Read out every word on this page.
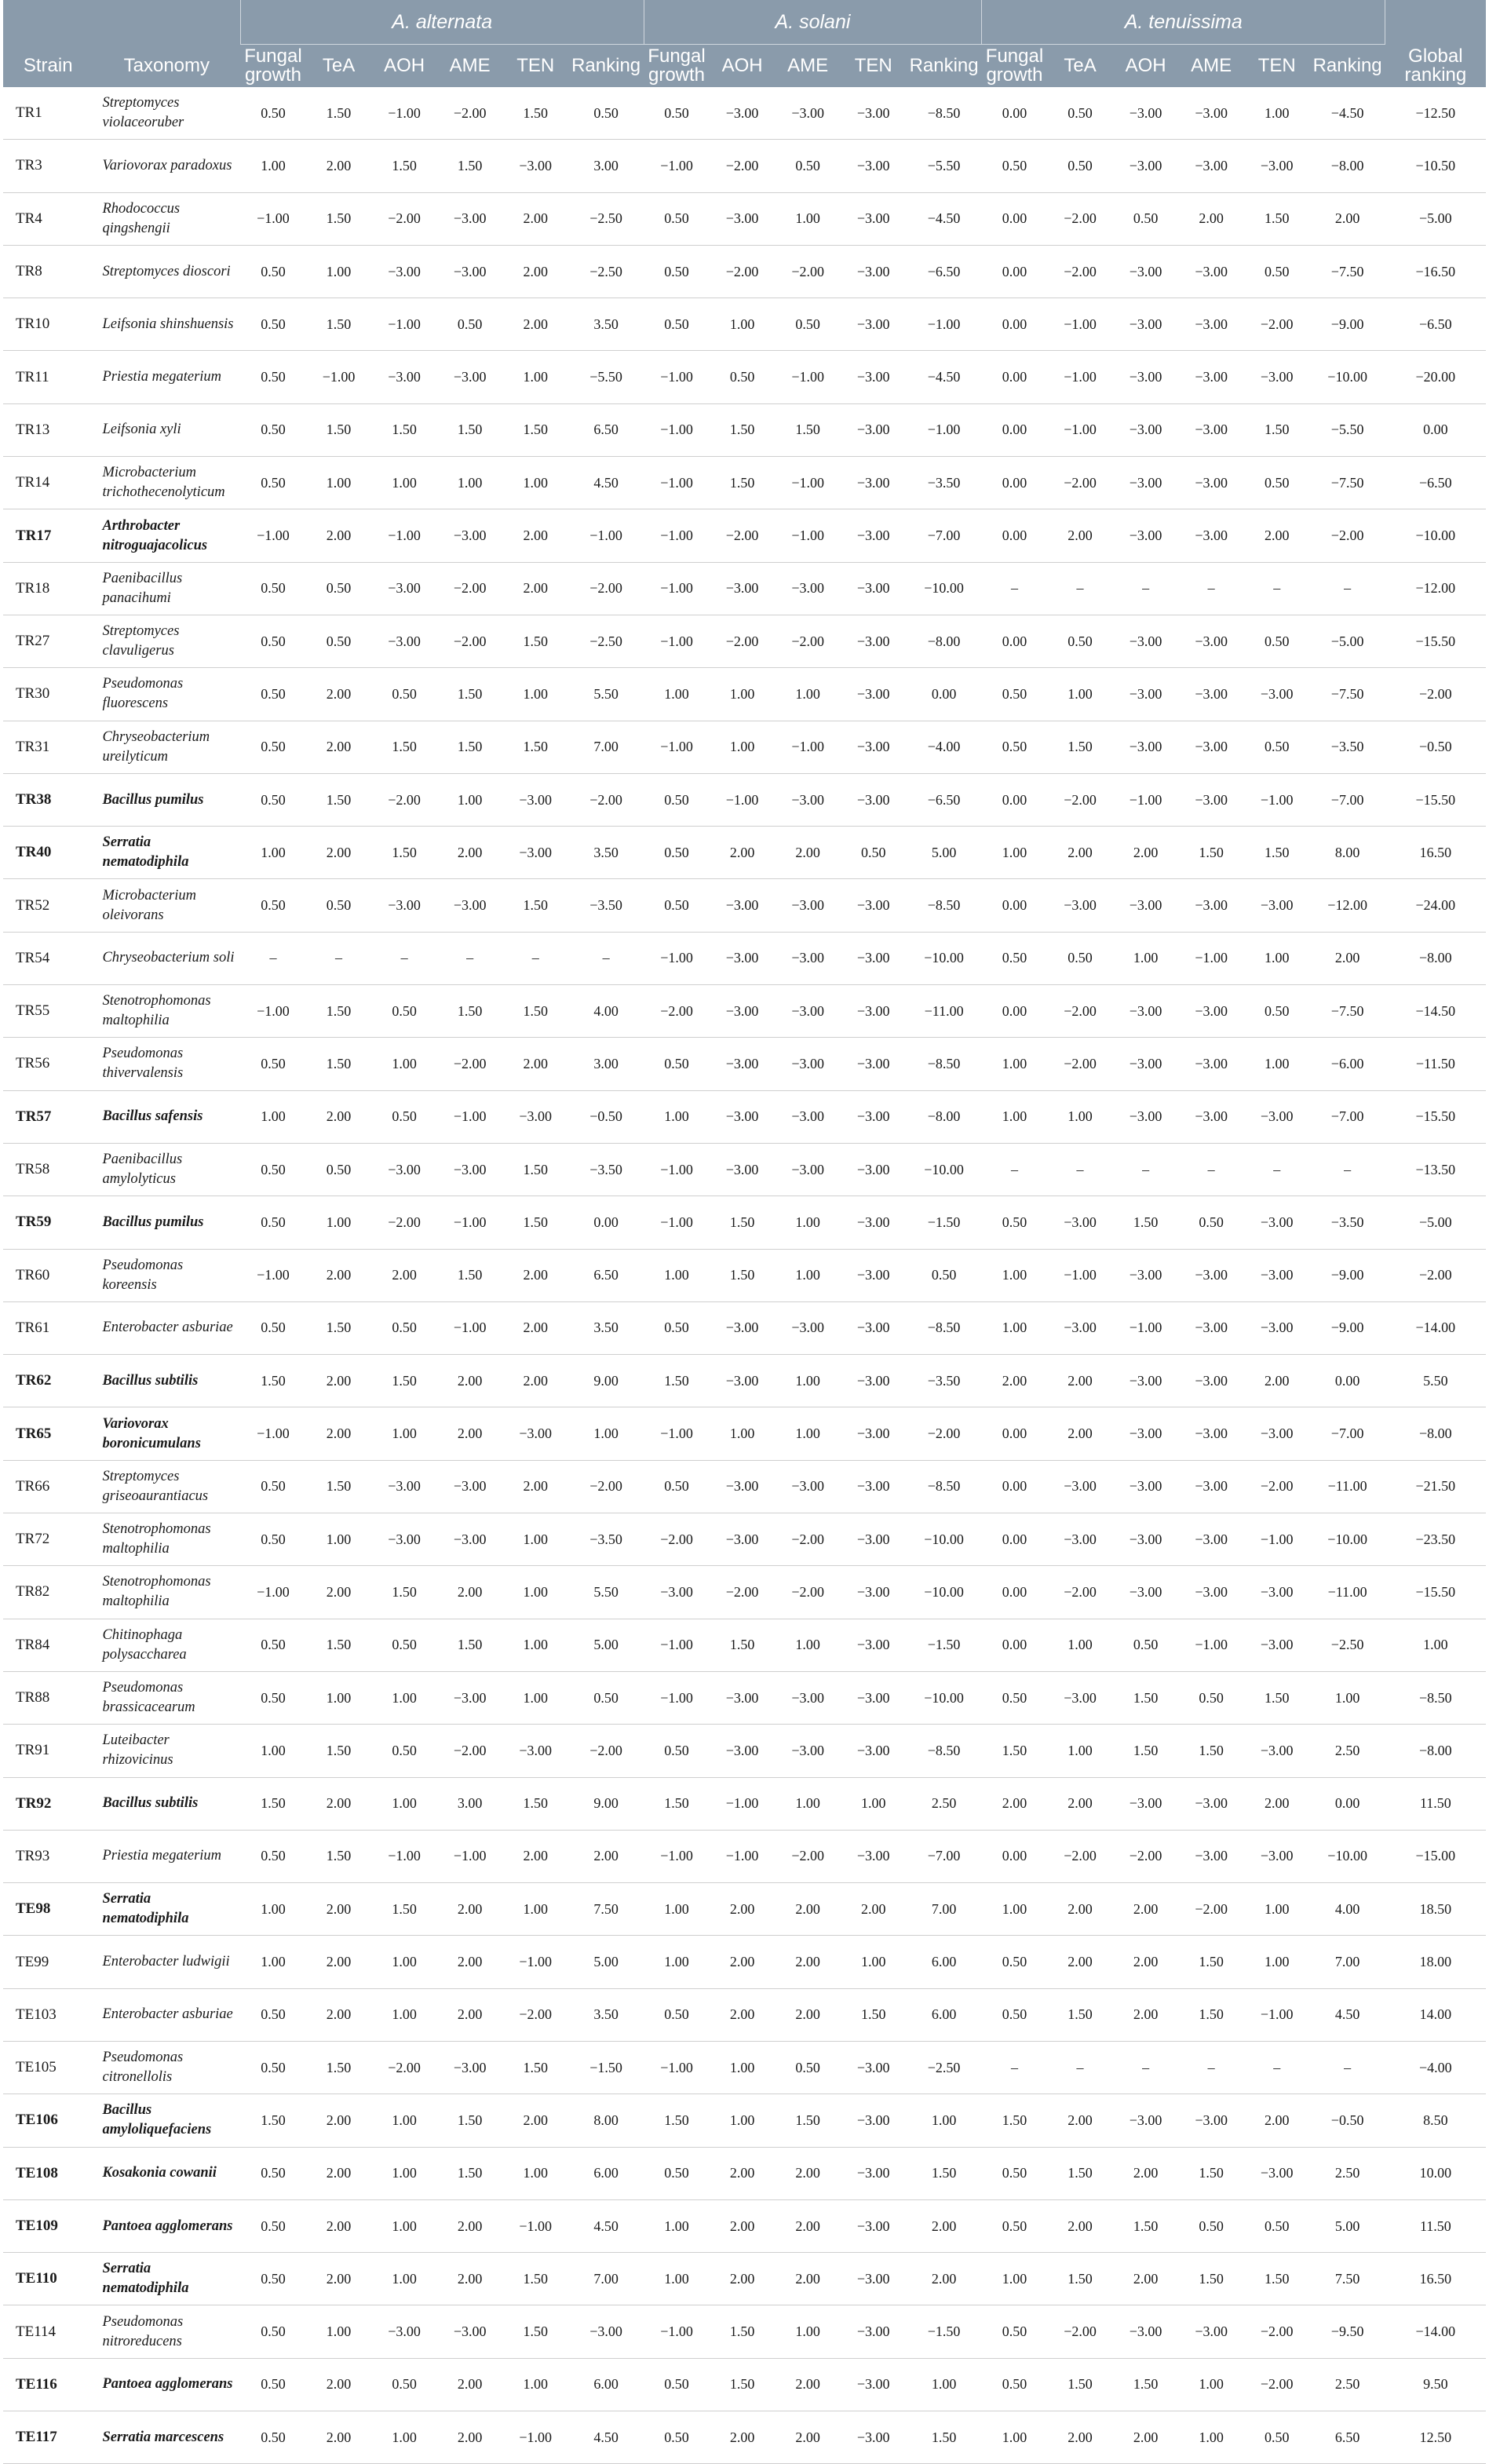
		A. alternata						A. solani					A. tenuissima						
Strain	Taxonomy	Fungal growth	TeA	AOH	AME	TEN	Ranking	Fungal growth	AOH	AME	TEN	Ranking	Fungal growth	TeA	AOH	AME	TEN	Ranking	Global ranking
TR1	Streptomyces violaceoruber	0.50	1.50	−1.00	−2.00	1.50	0.50	0.50	−3.00	−3.00	−3.00	−8.50	0.00	0.50	−3.00	−3.00	1.00	−4.50	−12.50
TR3	Variovorax paradoxus	1.00	2.00	1.50	1.50	−3.00	3.00	−1.00	−2.00	0.50	−3.00	−5.50	0.50	0.50	−3.00	−3.00	−3.00	−8.00	−10.50
TR4	Rhodococcus qingshengii	−1.00	1.50	−2.00	−3.00	2.00	−2.50	0.50	−3.00	1.00	−3.00	−4.50	0.00	−2.00	0.50	2.00	1.50	2.00	−5.00
TR8	Streptomyces dioscori	0.50	1.00	−3.00	−3.00	2.00	−2.50	0.50	−2.00	−2.00	−3.00	−6.50	0.00	−2.00	−3.00	−3.00	0.50	−7.50	−16.50
TR10	Leifsonia shinshuensis	0.50	1.50	−1.00	0.50	2.00	3.50	0.50	1.00	0.50	−3.00	−1.00	0.00	−1.00	−3.00	−3.00	−2.00	−9.00	−6.50
TR11	Priestia megaterium	0.50	−1.00	−3.00	−3.00	1.00	−5.50	−1.00	0.50	−1.00	−3.00	−4.50	0.00	−1.00	−3.00	−3.00	−3.00	−10.00	−20.00
TR13	Leifsonia xyli	0.50	1.50	1.50	1.50	1.50	6.50	−1.00	1.50	1.50	−3.00	−1.00	0.00	−1.00	−3.00	−3.00	1.50	−5.50	0.00
TR14	Microbacterium trichothecenolyticum	0.50	1.00	1.00	1.00	1.00	4.50	−1.00	1.50	−1.00	−3.00	−3.50	0.00	−2.00	−3.00	−3.00	0.50	−7.50	−6.50
TR17	Arthrobacter nitroguajacolicus	−1.00	2.00	−1.00	−3.00	2.00	−1.00	−1.00	−2.00	−1.00	−3.00	−7.00	0.00	2.00	−3.00	−3.00	2.00	−2.00	−10.00
TR18	Paenibacillus panacihumi	0.50	0.50	−3.00	−2.00	2.00	−2.00	−1.00	−3.00	−3.00	−3.00	−10.00	–	–	–	–	–	–	−12.00
TR27	Streptomyces clavuligerus	0.50	0.50	−3.00	−2.00	1.50	−2.50	−1.00	−2.00	−2.00	−3.00	−8.00	0.00	0.50	−3.00	−3.00	0.50	−5.00	−15.50
TR30	Pseudomonas fluorescens	0.50	2.00	0.50	1.50	1.00	5.50	1.00	1.00	1.00	−3.00	0.00	0.50	1.00	−3.00	−3.00	−3.00	−7.50	−2.00
TR31	Chryseobacterium ureilyticum	0.50	2.00	1.50	1.50	1.50	7.00	−1.00	1.00	−1.00	−3.00	−4.00	0.50	1.50	−3.00	−3.00	0.50	−3.50	−0.50
TR38	Bacillus pumilus	0.50	1.50	−2.00	1.00	−3.00	−2.00	0.50	−1.00	−3.00	−3.00	−6.50	0.00	−2.00	−1.00	−3.00	−1.00	−7.00	−15.50
TR40	Serratia nematodiphila	1.00	2.00	1.50	2.00	−3.00	3.50	0.50	2.00	2.00	0.50	5.00	1.00	2.00	2.00	1.50	1.50	8.00	16.50
TR52	Microbacterium oleivorans	0.50	0.50	−3.00	−3.00	1.50	−3.50	0.50	−3.00	−3.00	−3.00	−8.50	0.00	−3.00	−3.00	−3.00	−3.00	−12.00	−24.00
TR54	Chryseobacterium soli	–	–	–	–	–	–	−1.00	−3.00	−3.00	−3.00	−10.00	0.50	0.50	1.00	−1.00	1.00	2.00	−8.00
TR55	Stenotrophomonas maltophilia	−1.00	1.50	0.50	1.50	1.50	4.00	−2.00	−3.00	−3.00	−3.00	−11.00	0.00	−2.00	−3.00	−3.00	0.50	−7.50	−14.50
TR56	Pseudomonas thivervalensis	0.50	1.50	1.00	−2.00	2.00	3.00	0.50	−3.00	−3.00	−3.00	−8.50	1.00	−2.00	−3.00	−3.00	1.00	−6.00	−11.50
TR57	Bacillus safensis	1.00	2.00	0.50	−1.00	−3.00	−0.50	1.00	−3.00	−3.00	−3.00	−8.00	1.00	1.00	−3.00	−3.00	−3.00	−7.00	−15.50
TR58	Paenibacillus amylolyticus	0.50	0.50	−3.00	−3.00	1.50	−3.50	−1.00	−3.00	−3.00	−3.00	−10.00	–	–	–	–	–	–	−13.50
TR59	Bacillus pumilus	0.50	1.00	−2.00	−1.00	1.50	0.00	−1.00	1.50	1.00	−3.00	−1.50	0.50	−3.00	1.50	0.50	−3.00	−3.50	−5.00
TR60	Pseudomonas koreensis	−1.00	2.00	2.00	1.50	2.00	6.50	1.00	1.50	1.00	−3.00	0.50	1.00	−1.00	−3.00	−3.00	−3.00	−9.00	−2.00
TR61	Enterobacter asburiae	0.50	1.50	0.50	−1.00	2.00	3.50	0.50	−3.00	−3.00	−3.00	−8.50	1.00	−3.00	−1.00	−3.00	−3.00	−9.00	−14.00
TR62	Bacillus subtilis	1.50	2.00	1.50	2.00	2.00	9.00	1.50	−3.00	1.00	−3.00	−3.50	2.00	2.00	−3.00	−3.00	2.00	0.00	5.50
TR65	Variovorax boronicumulans	−1.00	2.00	1.00	2.00	−3.00	1.00	−1.00	1.00	1.00	−3.00	−2.00	0.00	2.00	−3.00	−3.00	−3.00	−7.00	−8.00
TR66	Streptomyces griseoaurantiacus	0.50	1.50	−3.00	−3.00	2.00	−2.00	0.50	−3.00	−3.00	−3.00	−8.50	0.00	−3.00	−3.00	−3.00	−2.00	−11.00	−21.50
TR72	Stenotrophomonas maltophilia	0.50	1.00	−3.00	−3.00	1.00	−3.50	−2.00	−3.00	−2.00	−3.00	−10.00	0.00	−3.00	−3.00	−3.00	−1.00	−10.00	−23.50
TR82	Stenotrophomonas maltophilia	−1.00	2.00	1.50	2.00	1.00	5.50	−3.00	−2.00	−2.00	−3.00	−10.00	0.00	−2.00	−3.00	−3.00	−3.00	−11.00	−15.50
TR84	Chitinophaga polysaccharea	0.50	1.50	0.50	1.50	1.00	5.00	−1.00	1.50	1.00	−3.00	−1.50	0.00	1.00	0.50	−1.00	−3.00	−2.50	1.00
TR88	Pseudomonas brassicacearum	0.50	1.00	1.00	−3.00	1.00	0.50	−1.00	−3.00	−3.00	−3.00	−10.00	0.50	−3.00	1.50	0.50	1.50	1.00	−8.50
TR91	Luteibacter rhizovicinus	1.00	1.50	0.50	−2.00	−3.00	−2.00	0.50	−3.00	−3.00	−3.00	−8.50	1.50	1.00	1.50	1.50	−3.00	2.50	−8.00
TR92	Bacillus subtilis	1.50	2.00	1.00	3.00	1.50	9.00	1.50	−1.00	1.00	1.00	2.50	2.00	2.00	−3.00	−3.00	2.00	0.00	11.50
TR93	Priestia megaterium	0.50	1.50	−1.00	−1.00	2.00	2.00	−1.00	−1.00	−2.00	−3.00	−7.00	0.00	−2.00	−2.00	−3.00	−3.00	−10.00	−15.00
TE98	Serratia nematodiphila	1.00	2.00	1.50	2.00	1.00	7.50	1.00	2.00	2.00	2.00	7.00	1.00	2.00	2.00	−2.00	1.00	4.00	18.50
TE99	Enterobacter ludwigii	1.00	2.00	1.00	2.00	−1.00	5.00	1.00	2.00	2.00	1.00	6.00	0.50	2.00	2.00	1.50	1.00	7.00	18.00
TE103	Enterobacter asburiae	0.50	2.00	1.00	2.00	−2.00	3.50	0.50	2.00	2.00	1.50	6.00	0.50	1.50	2.00	1.50	−1.00	4.50	14.00
TE105	Pseudomonas citronellolis	0.50	1.50	−2.00	−3.00	1.50	−1.50	−1.00	1.00	0.50	−3.00	−2.50	–	–	–	–	–	–	−4.00
TE106	Bacillus amyloliquefaciens	1.50	2.00	1.00	1.50	2.00	8.00	1.50	1.00	1.50	−3.00	1.00	1.50	2.00	−3.00	−3.00	2.00	−0.50	8.50
TE108	Kosakonia cowanii	0.50	2.00	1.00	1.50	1.00	6.00	0.50	2.00	2.00	−3.00	1.50	0.50	1.50	2.00	1.50	−3.00	2.50	10.00
TE109	Pantoea agglomerans	0.50	2.00	1.00	2.00	−1.00	4.50	1.00	2.00	2.00	−3.00	2.00	0.50	2.00	1.50	0.50	0.50	5.00	11.50
TE110	Serratia nematodiphila	0.50	2.00	1.00	2.00	1.50	7.00	1.00	2.00	2.00	−3.00	2.00	1.00	1.50	2.00	1.50	1.50	7.50	16.50
TE114	Pseudomonas nitroreducens	0.50	1.00	−3.00	−3.00	1.50	−3.00	−1.00	1.50	1.00	−3.00	−1.50	0.50	−2.00	−3.00	−3.00	−2.00	−9.50	−14.00
TE116	Pantoea agglomerans	0.50	2.00	0.50	2.00	1.00	6.00	0.50	1.50	2.00	−3.00	1.00	0.50	1.50	1.50	1.00	−2.00	2.50	9.50
TE117	Serratia marcescens	0.50	2.00	1.00	2.00	−1.00	4.50	0.50	2.00	2.00	−3.00	1.50	1.00	2.00	2.00	1.00	0.50	6.50	12.50
